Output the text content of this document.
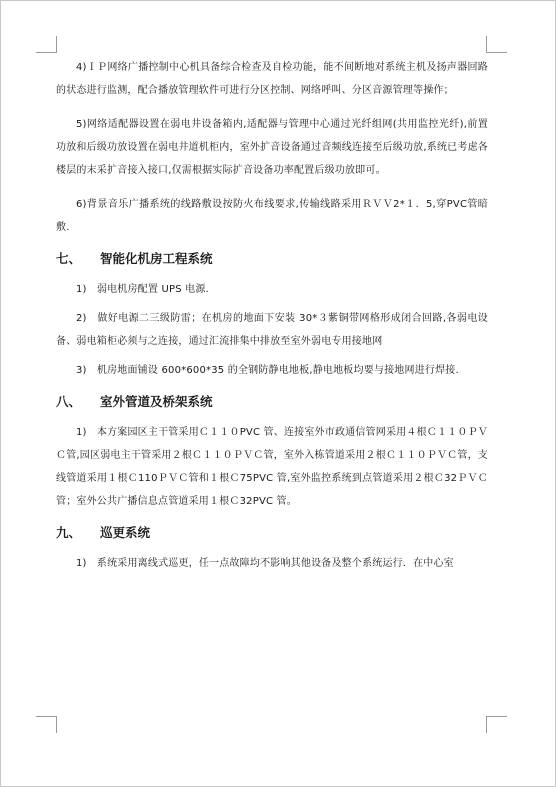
4)ＩＰ网络广播控制中心机具备综合检查及自检功能，能不间断地对系统主机及扬声器回路的状态进行监测，配合播放管理软件可进行分区控制、网络呼叫、分区音源管理等操作；
5)网络适配器设置在弱电井设备箱内,适配器与管理中心通过光纤组网(共用监控光纤),前置功放和后级功放设置在弱电井道机柜内，室外扩音设备通过音频线连接至后级功放,系统已考虑各楼层的末采扩音接入接口,仅需根据实际扩音设备功率配置后级功放即可。
6)背景音乐广播系统的线路敷设按防火布线要求,传输线路采用ＲＶＶ2*１．5,穿PVC管暗敷.
七、 智能化机房工程系统
1)　弱电机房配置 UPS 电源.
2)　做好电源二三级防雷；在机房的地面下安装 30*３紫铜带网格形成闭合回路,各弱电设备、弱电箱柜必须与之连接，通过汇流排集中排放至室外弱电专用接地网
3)　机房地面铺设 600*600*35 的全钢防静电地板,静电地板均要与接地网进行焊接.
八、 室外管道及桥架系统
1)　本方案园区主干管采用Ｃ１１０PVC 管、连接室外市政通信管网采用４根Ｃ１１０ＰＶＣ管,园区弱电主干管采用２根Ｃ１１０ＰＶＣ管，室外入栋管道采用２根Ｃ１１０ＰＶＣ管，支线管道采用１根Ｃ110ＰＶＣ管和１根Ｃ75PVC 管,室外监控系统到点管道采用２根Ｃ32ＰＶＣ管；室外公共广播信息点管道采用１根Ｃ32PVC 管。
九、 巡更系统
1)　系统采用离线式巡更，任一点故障均不影响其他设备及整个系统运行．在中心室
